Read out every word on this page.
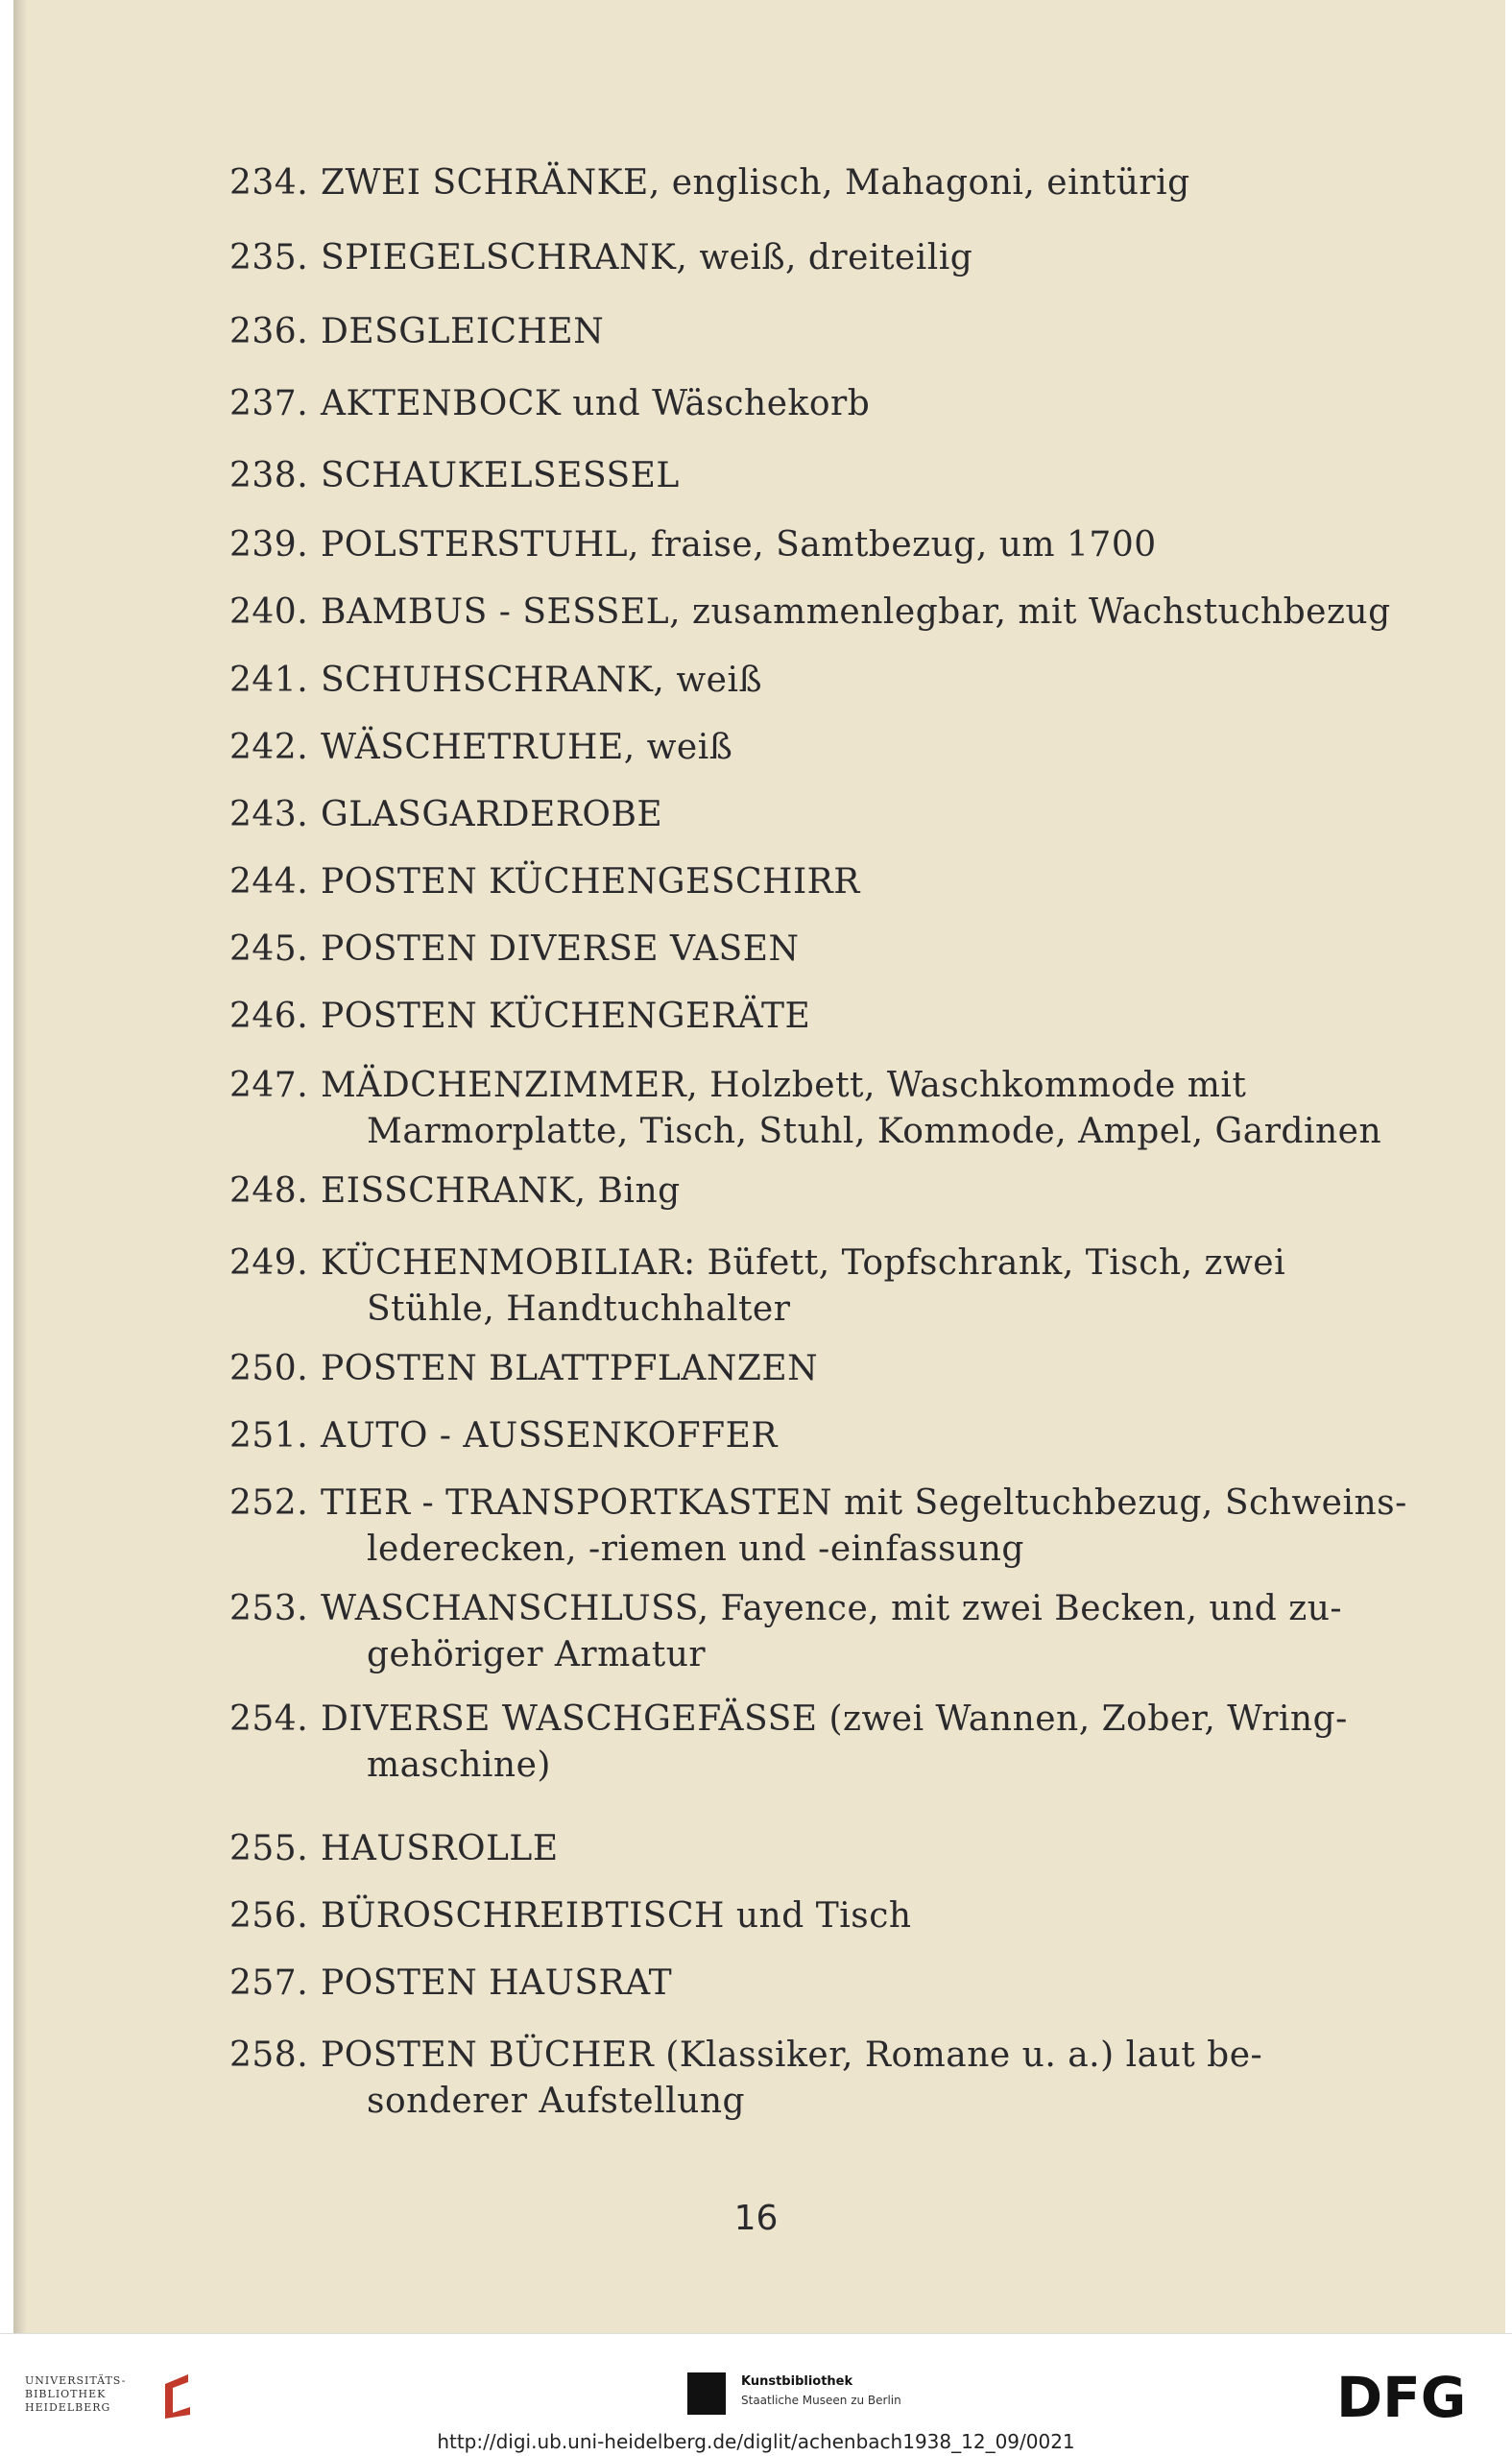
234. ZWEI SCHRÄNKE, englisch, Mahagoni, eintürig
235. SPIEGELSCHRANK, weiß, dreiteilig
236. DESGLEICHEN
237. AKTENBOCK und Wäschekorb
238. SCHAUKELSESSEL
239. POLSTERSTUHL, fraise, Samtbezug, um 1700
240. BAMBUS - SESSEL, zusammenlegbar, mit Wachstuchbezug
241. SCHUHSCHRANK, weiß
242. WÄSCHETRUHE, weiß
243. GLASGARDEROBE
244. POSTEN KÜCHENGESCHIRR
245. POSTEN DIVERSE VASEN
246. POSTEN KÜCHENGERÄTE
247. MÄDCHENZIMMER, Holzbett, Waschkommode mit
Marmorplatte, Tisch, Stuhl, Kommode, Ampel, Gardinen
248. EISSCHRANK, Bing
249. KÜCHENMOBILIAR: Büfett, Topfschrank, Tisch, zwei
Stühle, Handtuchhalter
250. POSTEN BLATTPFLANZEN
251. AUTO - AUSSENKOFFER
252. TIER - TRANSPORTKASTEN mit Segeltuchbezug, Schweins-
lederecken, -riemen und -einfassung
253. WASCHANSCHLUSS, Fayence, mit zwei Becken, und zu-
gehöriger Armatur
254. DIVERSE WASCHGEFÄSSE (zwei Wannen, Zober, Wring-
maschine)
255. HAUSROLLE
256. BÜROSCHREIBTISCH und Tisch
257. POSTEN HAUSRAT
258. POSTEN BÜCHER (Klassiker, Romane u. a.) laut be-
sonderer Aufstellung
16
UNIVERSITÄTS-
BIBLIOTHEK
HEIDELBERG
Kunstbibliothek
Staatliche Museen zu Berlin	DFG
http://digi.ub.uni-heidelberg.de/diglit/achenbach1938_12_09/0021
